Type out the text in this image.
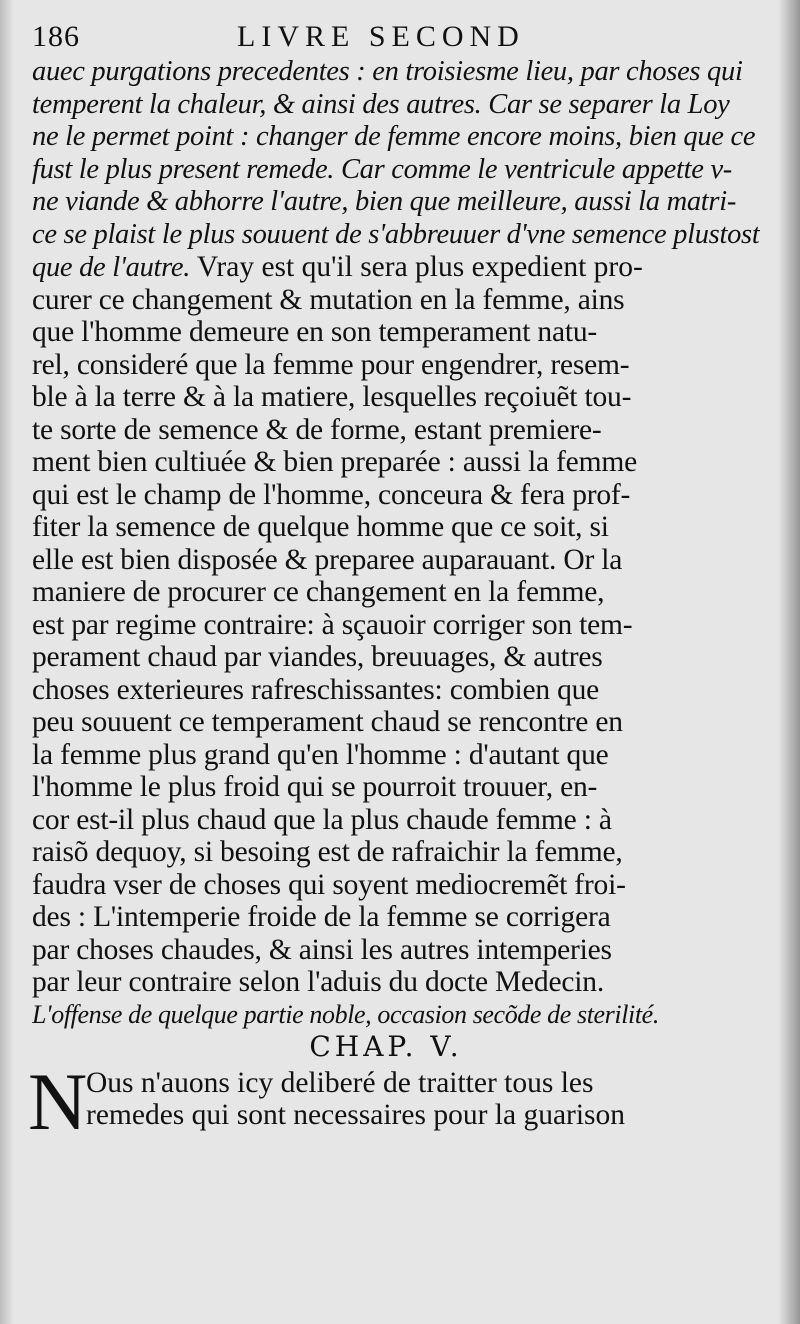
186	LIVRE SECOND
auec purgations precedentes : en troisiesme lieu, par choses qui
temperent la chaleur, & ainsi des autres. Car se separer la Loy
ne le permet point : changer de femme encore moins, bien que ce
fust le plus present remede. Car comme le ventricule appette v-
ne viande & abhorre l'autre, bien que meilleure, aussi la matri-
ce se plaist le plus souuent de s'abbreuuer d'vne semence plustost
que de l'autre. Vray est qu'il sera plus expedient pro-
curer ce changement & mutation en la femme, ains
que l'homme demeure en son temperament natu-
rel, consideré que la femme pour engendrer, resem-
ble à la terre & à la matiere, lesquelles reçoiuẽt tou-
te sorte de semence & de forme, estant premiere-
ment bien cultiuée & bien preparée : aussi la femme
qui est le champ de l'homme, conceura & fera prof-
fiter la semence de quelque homme que ce soit, si
elle est bien disposée & preparee auparauant. Or la
maniere de procurer ce changement en la femme,
est par regime contraire: à sçauoir corriger son tem-
perament chaud par viandes, breuuages, & autres
choses exterieures rafreschissantes: combien que
peu souuent ce temperament chaud se rencontre en
la femme plus grand qu'en l'homme : d'autant que
l'homme le plus froid qui se pourroit trouuer, en-
cor est-il plus chaud que la plus chaude femme : à
raisõ dequoy, si besoing est de rafraichir la femme,
faudra vser de choses qui soyent mediocremẽt froi-
des : L'intemperie froide de la femme se corrigera
par choses chaudes, & ainsi les autres intemperies
par leur contraire selon l'aduis du docte Medecin.
L'offense de quelque partie noble, occasion secõde de sterilité.
CHAP. V.
N
Ous n'auons icy deliberé de traitter tous les
remedes qui sont necessaires pour la guarison
